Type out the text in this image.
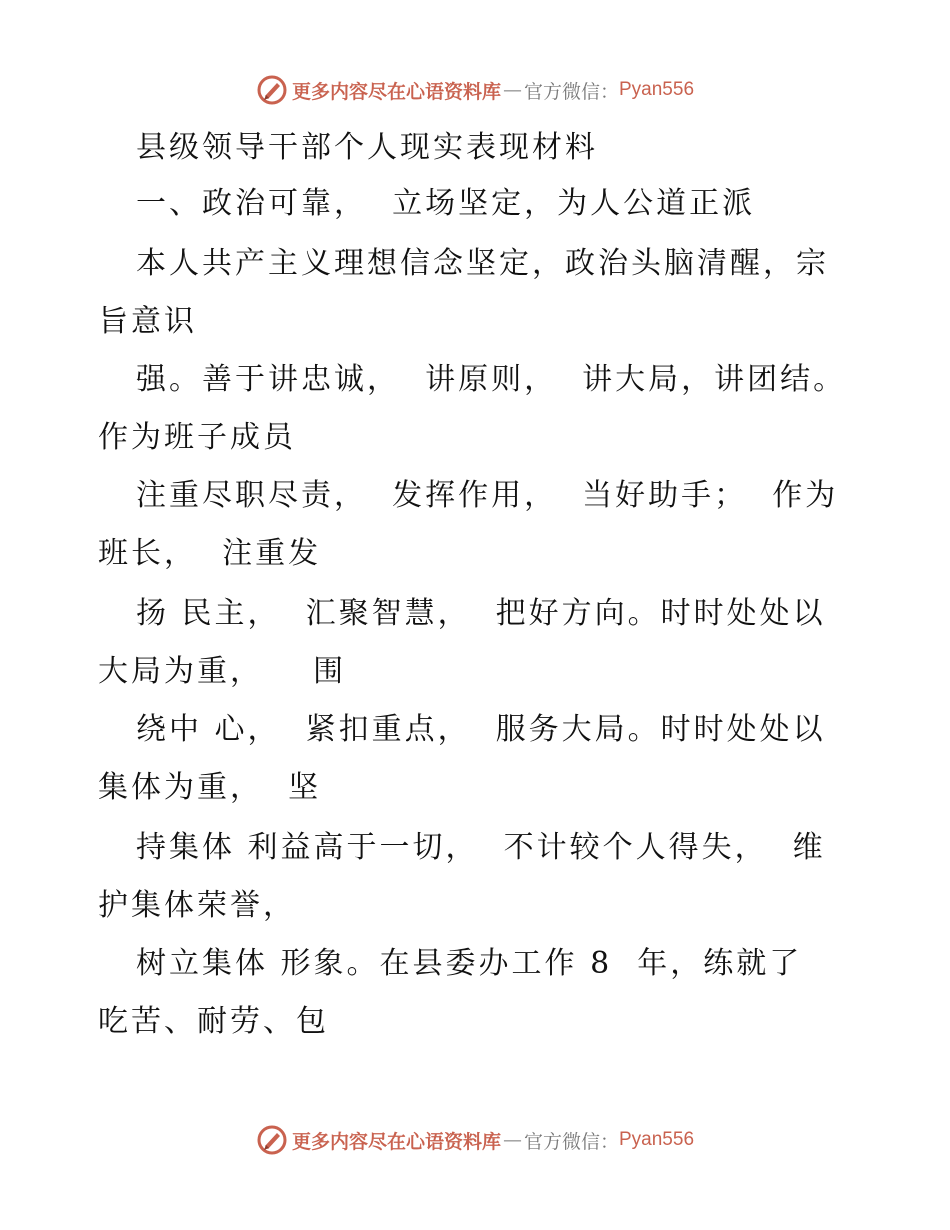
更多内容尽在心语资料库 — 官方微信： Pyan556
县级领导干部个人现实表现材料
一、政治可靠，  立场坚定，为人公道正派
本人共产主义理想信念坚定，政治头脑清醒，宗
旨意识
强。善于讲忠诚，  讲原则，  讲大局，讲团结。
作为班子成员
注重尽职尽责，  发挥作用，  当好助手；  作为
班长，  注重发
扬 民主，  汇聚智慧，  把好方向。时时处处以
大局为重，    围
绕中 心，  紧扣重点，  服务大局。时时处处以
集体为重，  坚
持集体 利益高于一切，  不计较个人得失，  维
护集体荣誉，
树立集体 形象。在县委办工作 8  年，练就了
吃苦、耐劳、包
更多内容尽在心语资料库 — 官方微信： Pyan556
